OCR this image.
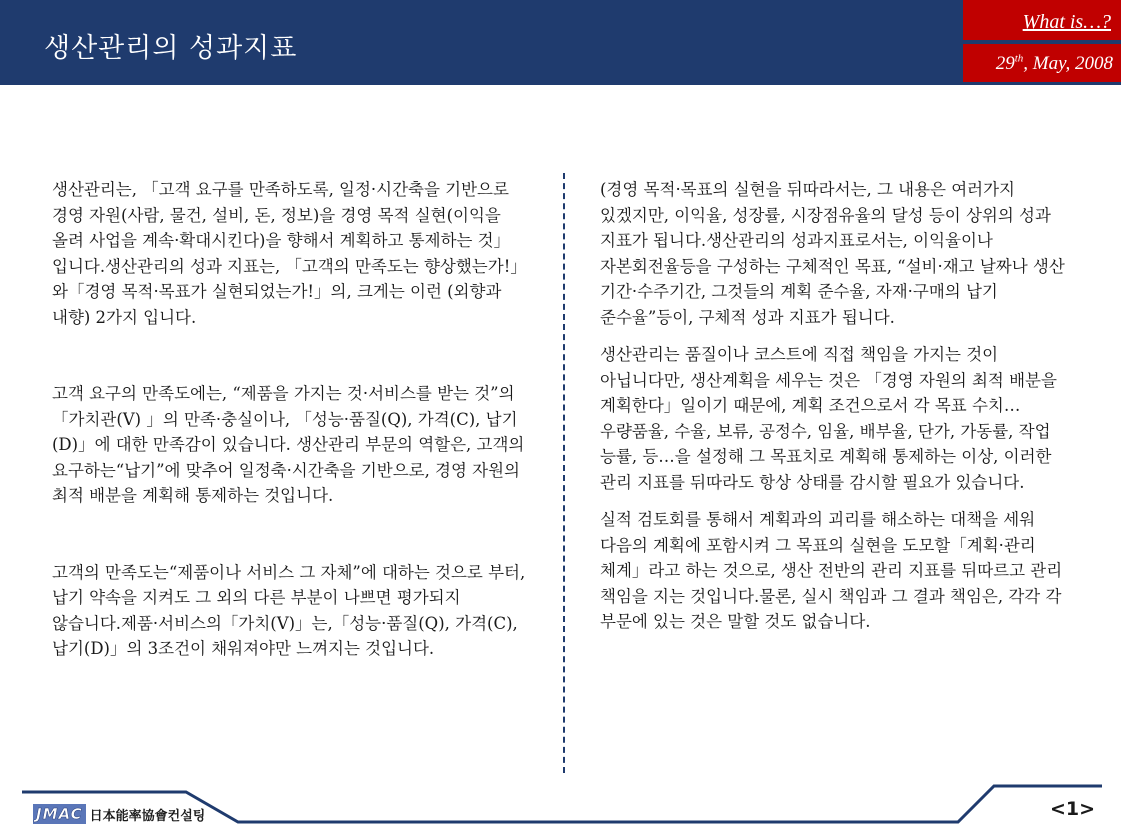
생산관리의 성과지표
What is…?
29th, May, 2008

생산관리는, 「고객 요구를 만족하도록, 일정·시간축을 기반으로 경영 자원(사람, 물건, 설비, 돈, 정보)을 경영 목적 실현(이익을 올려 사업을 계속·확대시킨다)을 향해서 계획하고 통제하는 것」입니다.생산관리의 성과 지표는, 「고객의 만족도는 향상했는가!」와「경영 목적·목표가 실현되었는가!」의, 크게는 이런 (외향과 내향) 2가지 입니다.

고객 요구의 만족도에는, “제품을 가지는 것·서비스를 받는 것”의 「가치관(V) 」의 만족·충실이나, 「성능·품질(Q), 가격(C), 납기(D)」에 대한 만족감이 있습니다. 생산관리 부문의 역할은, 고객의 요구하는“납기”에 맞추어 일정축·시간축을 기반으로, 경영 자원의 최적 배분을 계획해 통제하는 것입니다.

고객의 만족도는“제품이나 서비스 그 자체”에 대하는 것으로 부터, 납기 약속을 지켜도 그 외의 다른 부분이 나쁘면 평가되지 않습니다.제품·서비스의「가치(V)」는,「성능·품질(Q), 가격(C), 납기(D)」의 3조건이 채워져야만 느껴지는 것입니다.

(경영 목적·목표의 실현을 뒤따라서는, 그 내용은 여러가지 있겠지만, 이익율, 성장률, 시장점유율의 달성 등이 상위의 성과 지표가 됩니다.생산관리의 성과지표로서는, 이익율이나 자본회전율등을 구성하는 구체적인 목표, “설비·재고 날짜나 생산 기간·수주기간, 그것들의 계획 준수율, 자재·구매의 납기 준수율”등이, 구체적 성과 지표가 됩니다.

생산관리는 품질이나 코스트에 직접 책임을 가지는 것이 아닙니다만, 생산계획을 세우는 것은 「경영 자원의 최적 배분을 계획한다」일이기 때문에, 계획 조건으로서 각 목표 수치…우량품율, 수율, 보류, 공정수, 임율, 배부율, 단가, 가동률, 작업 능률, 등…을 설정해 그 목표치로 계획해 통제하는 이상, 이러한 관리 지표를 뒤따라도 항상 상태를 감시할 필요가 있습니다.

실적 검토회를 통해서 계획과의 괴리를 해소하는 대책을 세워 다음의 계획에 포함시켜 그 목표의 실현을 도모할「계획·관리 체계」라고 하는 것으로, 생산 전반의 관리 지표를 뒤따르고 관리 책임을 지는 것입니다.물론, 실시 책임과 그 결과 책임은, 각각 각 부문에 있는 것은 말할 것도 없습니다.

JMAC 日本能率協會컨설팅	<1>
